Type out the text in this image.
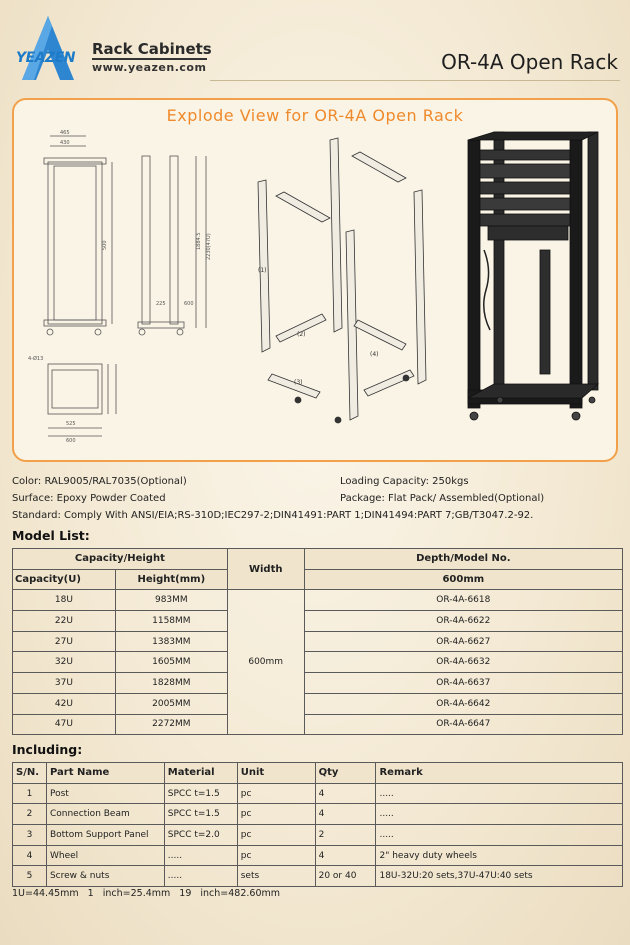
YEAZEN Rack Cabinets
www.yeazen.com	OR-4A Open Rack
Explode View for OR-4A Open Rack
500	1884.5 2230(47U)
225	600
4-Ø13
525
600
465
430
(1)
(2)
(3)
(4)
Color: RAL9005/RAL7035(Optional)	Loading Capacity: 250kgs
Surface: Epoxy Powder Coated	Package: Flat Pack/ Assembled(Optional)
Standard: Comply With ANSI/EIA;RS-310D;IEC297-2;DIN41491:PART 1;DIN41494:PART 7;GB/T3047.2-92.
Model List:
Capacity/Height		Width	Depth/Model No.
Capacity(U)	Height(mm)		600mm
18U	983MM	600mm	OR-4A-6618
22U	1158MM		OR-4A-6622
27U	1383MM		OR-4A-6627
32U	1605MM		OR-4A-6632
37U	1828MM		OR-4A-6637
42U	2005MM		OR-4A-6642
47U	2272MM		OR-4A-6647
Including:
S/N.	Part Name	Material	Unit	Qty	Remark
1	Post	SPCC t=1.5	pc	4	.....
2	Connection Beam	SPCC t=1.5	pc	4	.....
3	Bottom Support Panel	SPCC t=2.0	pc	2	.....
4	Wheel	.....	pc	4	2" heavy duty wheels
5	Screw & nuts	.....	sets	20 or 40	18U-32U:20 sets,37U-47U:40 sets
1U=44.45mm 1 inch=25.4mm 19 inch=482.60mm
